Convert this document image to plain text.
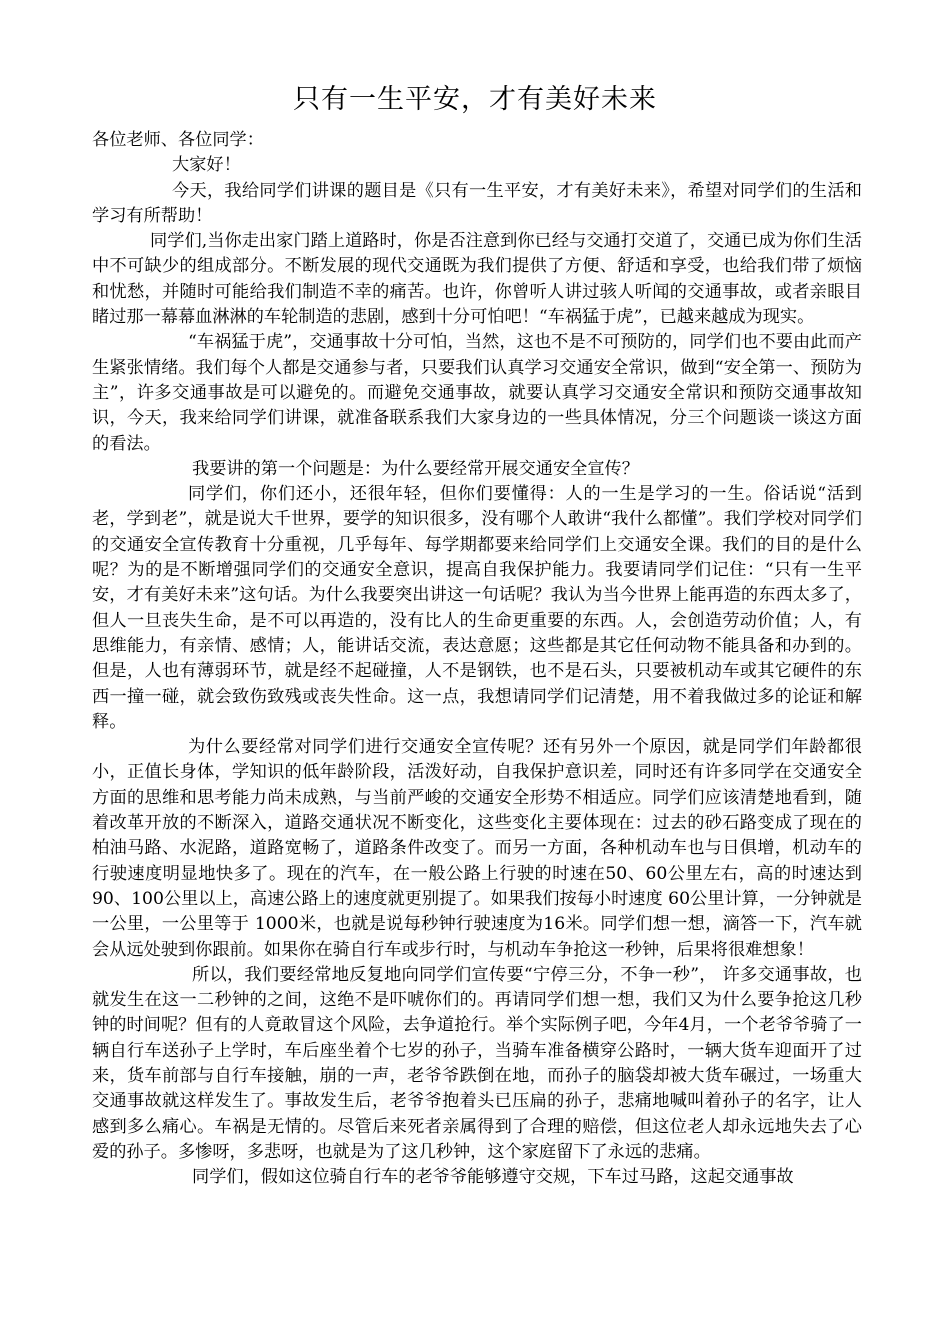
只有一生平安，才有美好未来

各位老师、各位同学：

大家好！

今天，我给同学们讲课的题目是《只有一生平安，才有美好未来》，希望对同学们的生活和学习有所帮助！

同学们,当你走出家门踏上道路时，你是否注意到你已经与交通打交道了，交通已成为你们生活中不可缺少的组成部分。不断发展的现代交通既为我们提供了方便、舒适和享受，也给我们带了烦恼和忧愁，并随时可能给我们制造不幸的痛苦。也许，你曾听人讲过骇人听闻的交通事故，或者亲眼目睹过那一幕幕血淋淋的车轮制造的悲剧，感到十分可怕吧！“车祸猛于虎”，已越来越成为现实。

“车祸猛于虎”，交通事故十分可怕，当然，这也不是不可预防的，同学们也不要由此而产生紧张情绪。我们每个人都是交通参与者，只要我们认真学习交通安全常识，做到“安全第一、预防为主”，许多交通事故是可以避免的。而避免交通事故，就要认真学习交通安全常识和预防交通事故知识，今天，我来给同学们讲课，就准备联系我们大家身边的一些具体情况，分三个问题谈一谈这方面的看法。

我要讲的第一个问题是：为什么要经常开展交通安全宣传？

同学们，你们还小，还很年轻，但你们要懂得：人的一生是学习的一生。俗话说“活到老，学到老”，就是说大千世界，要学的知识很多，没有哪个人敢讲“我什么都懂”。我们学校对同学们的交通安全宣传教育十分重视，几乎每年、每学期都要来给同学们上交通安全课。我们的目的是什么呢？为的是不断增强同学们的交通安全意识，提高自我保护能力。我要请同学们记住：“只有一生平安，才有美好未来”这句话。为什么我要突出讲这一句话呢？我认为当今世界上能再造的东西太多了，但人一旦丧失生命，是不可以再造的，没有比人的生命更重要的东西。人，会创造劳动价值；人，有思维能力，有亲情、感情；人，能讲话交流，表达意愿；这些都是其它任何动物不能具备和办到的。但是，人也有薄弱环节，就是经不起碰撞，人不是钢铁，也不是石头，只要被机动车或其它硬件的东西一撞一碰，就会致伤致残或丧失性命。这一点，我想请同学们记清楚，用不着我做过多的论证和解释。

为什么要经常对同学们进行交通安全宣传呢？还有另外一个原因，就是同学们年龄都很小，正值长身体，学知识的低年龄阶段，活泼好动，自我保护意识差，同时还有许多同学在交通安全方面的思维和思考能力尚未成熟，与当前严峻的交通安全形势不相适应。同学们应该清楚地看到，随着改革开放的不断深入，道路交通状况不断变化，这些变化主要体现在：过去的砂石路变成了现在的柏油马路、水泥路，道路宽畅了，道路条件改变了。而另一方面，各种机动车也与日俱增，机动车的行驶速度明显地快多了。现在的汽车，在一般公路上行驶的时速在50、60公里左右，高的时速达到90、100公里以上，高速公路上的速度就更别提了。如果我们按每小时速度 60公里计算，一分钟就是一公里，一公里等于 1000米，也就是说每秒钟行驶速度为16米。同学们想一想，滴答一下，汽车就会从远处驶到你跟前。如果你在骑自行车或步行时，与机动车争抢这一秒钟，后果将很难想象！

所以，我们要经常地反复地向同学们宣传要“宁停三分，不争一秒”， 许多交通事故，也就发生在这一二秒钟的之间，这绝不是吓唬你们的。再请同学们想一想，我们又为什么要争抢这几秒钟的时间呢？但有的人竟敢冒这个风险，去争道抢行。举个实际例子吧，今年4月，一个老爷爷骑了一辆自行车送孙子上学时，车后座坐着个七岁的孙子，当骑车准备横穿公路时，一辆大货车迎面开了过来，货车前部与自行车接触，崩的一声，老爷爷跌倒在地，而孙子的脑袋却被大货车碾过，一场重大交通事故就这样发生了。事故发生后，老爷爷抱着头已压扁的孙子，悲痛地喊叫着孙子的名字，让人感到多么痛心。车祸是无情的。尽管后来死者亲属得到了合理的赔偿，但这位老人却永远地失去了心爱的孙子。多惨呀，多悲呀，也就是为了这几秒钟，这个家庭留下了永远的悲痛。

同学们，假如这位骑自行车的老爷爷能够遵守交规，下车过马路，这起交通事故
